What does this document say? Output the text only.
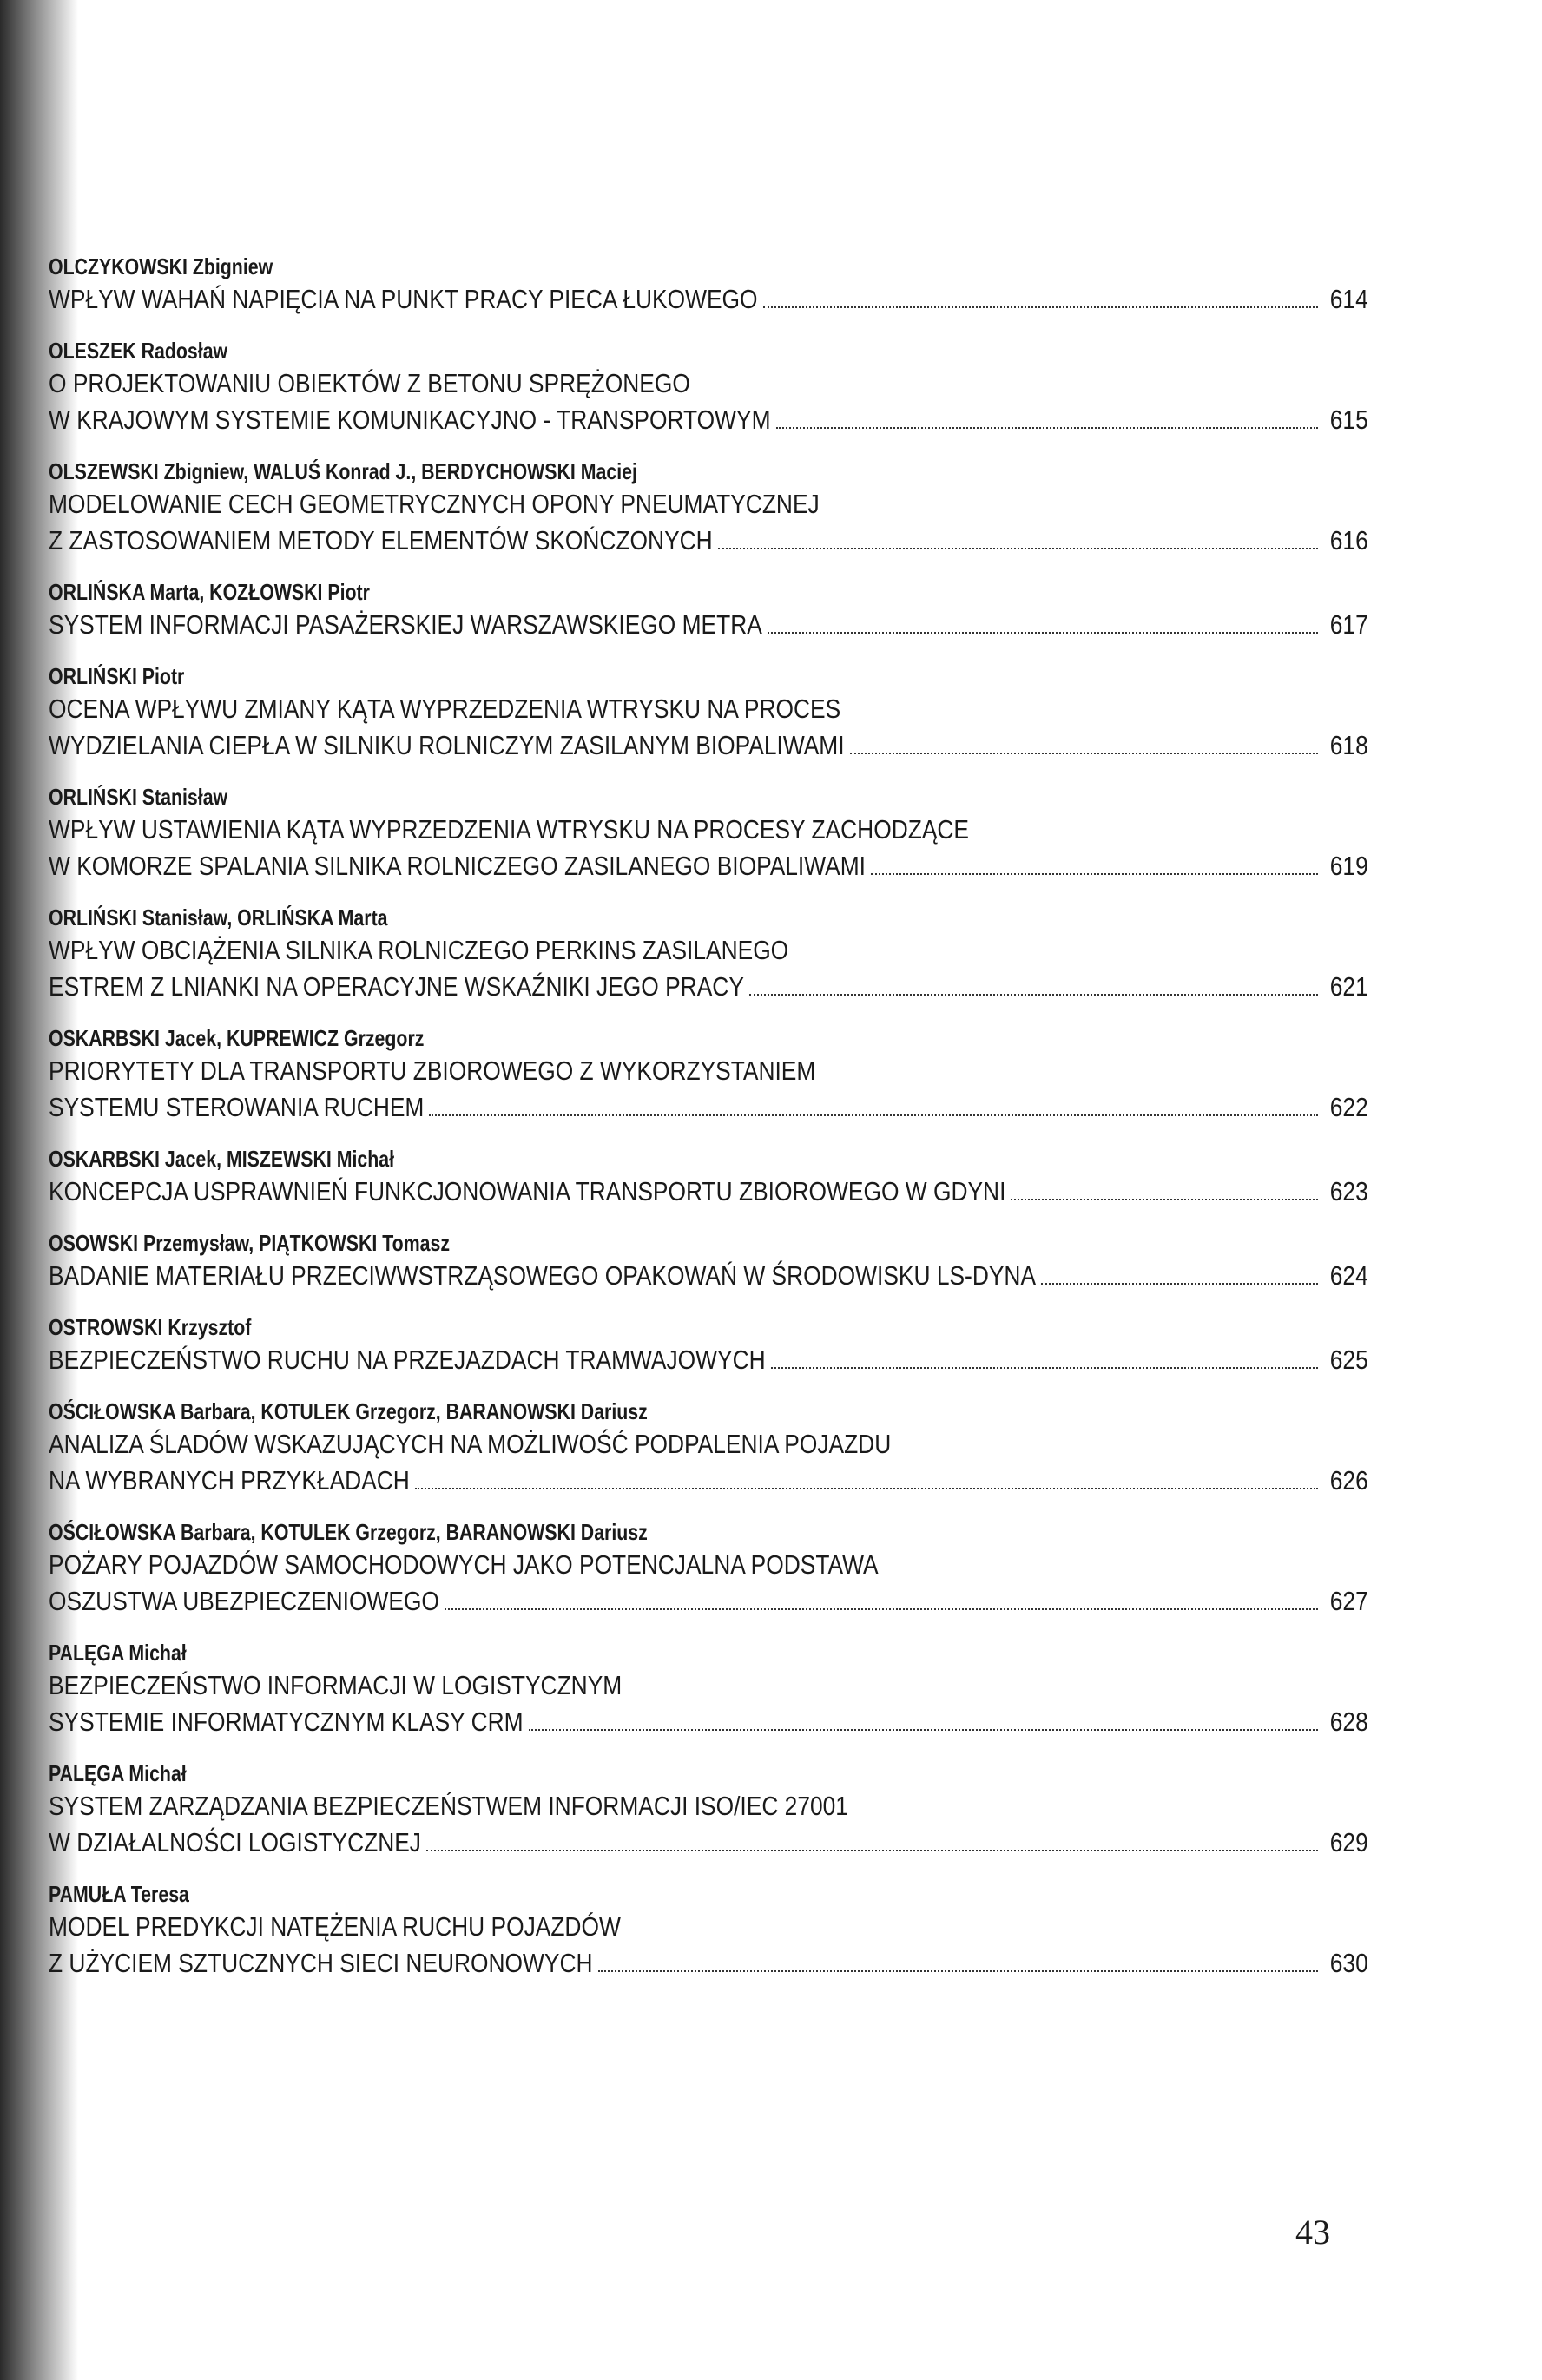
OLCZYKOWSKI Zbigniew
WPŁYW WAHAŃ NAPIĘCIA NA PUNKT PRACY PIECA ŁUKOWEGO	614
OLESZEK Radosław
O PROJEKTOWANIU OBIEKTÓW Z BETONU SPRĘŻONEGO
W KRAJOWYM SYSTEMIE KOMUNIKACYJNO - TRANSPORTOWYM	615
OLSZEWSKI Zbigniew, WALUŚ Konrad J., BERDYCHOWSKI Maciej
MODELOWANIE CECH GEOMETRYCZNYCH OPONY PNEUMATYCZNEJ
Z ZASTOSOWANIEM METODY ELEMENTÓW SKOŃCZONYCH	616
ORLIŃSKA Marta, KOZŁOWSKI Piotr
SYSTEM INFORMACJI PASAŻERSKIEJ WARSZAWSKIEGO METRA	617
ORLIŃSKI Piotr
OCENA WPŁYWU ZMIANY KĄTA WYPRZEDZENIA WTRYSKU NA PROCES
WYDZIELANIA CIEPŁA W SILNIKU ROLNICZYM ZASILANYM BIOPALIWAMI	618
ORLIŃSKI Stanisław
WPŁYW USTAWIENIA KĄTA WYPRZEDZENIA WTRYSKU NA PROCESY ZACHODZĄCE
W KOMORZE SPALANIA SILNIKA ROLNICZEGO ZASILANEGO BIOPALIWAMI	619
ORLIŃSKI Stanisław, ORLIŃSKA Marta
WPŁYW OBCIĄŻENIA SILNIKA ROLNICZEGO PERKINS ZASILANEGO
ESTREM Z LNIANKI NA OPERACYJNE WSKAŹNIKI JEGO PRACY	621
OSKARBSKI Jacek, KUPREWICZ Grzegorz
PRIORYTETY DLA TRANSPORTU ZBIOROWEGO Z WYKORZYSTANIEM
SYSTEMU STEROWANIA RUCHEM	622
OSKARBSKI Jacek, MISZEWSKI Michał
KONCEPCJA USPRAWNIEŃ FUNKCJONOWANIA TRANSPORTU ZBIOROWEGO W GDYNI	623
OSOWSKI Przemysław, PIĄTKOWSKI Tomasz
BADANIE MATERIAŁU PRZECIWWSTRZĄSOWEGO OPAKOWAŃ W ŚRODOWISKU LS-DYNA	624
OSTROWSKI Krzysztof
BEZPIECZEŃSTWO RUCHU NA PRZEJAZDACH TRAMWAJOWYCH	625
OŚCIŁOWSKA Barbara, KOTULEK Grzegorz, BARANOWSKI Dariusz
ANALIZA ŚLADÓW WSKAZUJĄCYCH NA MOŻLIWOŚĆ PODPALENIA POJAZDU
NA WYBRANYCH PRZYKŁADACH	626
OŚCIŁOWSKA Barbara, KOTULEK Grzegorz, BARANOWSKI Dariusz
POŻARY POJAZDÓW SAMOCHODOWYCH JAKO POTENCJALNA PODSTAWA
OSZUSTWA UBEZPIECZENIOWEGO	627
PALĘGA Michał
BEZPIECZEŃSTWO INFORMACJI W LOGISTYCZNYM
SYSTEMIE INFORMATYCZNYM KLASY CRM	628
PALĘGA Michał
SYSTEM ZARZĄDZANIA BEZPIECZEŃSTWEM INFORMACJI ISO/IEC 27001
W DZIAŁALNOŚCI LOGISTYCZNEJ	629
PAMUŁA Teresa
MODEL PREDYKCJI NATĘŻENIA RUCHU POJAZDÓW
Z UŻYCIEM SZTUCZNYCH SIECI NEURONOWYCH	630
43
